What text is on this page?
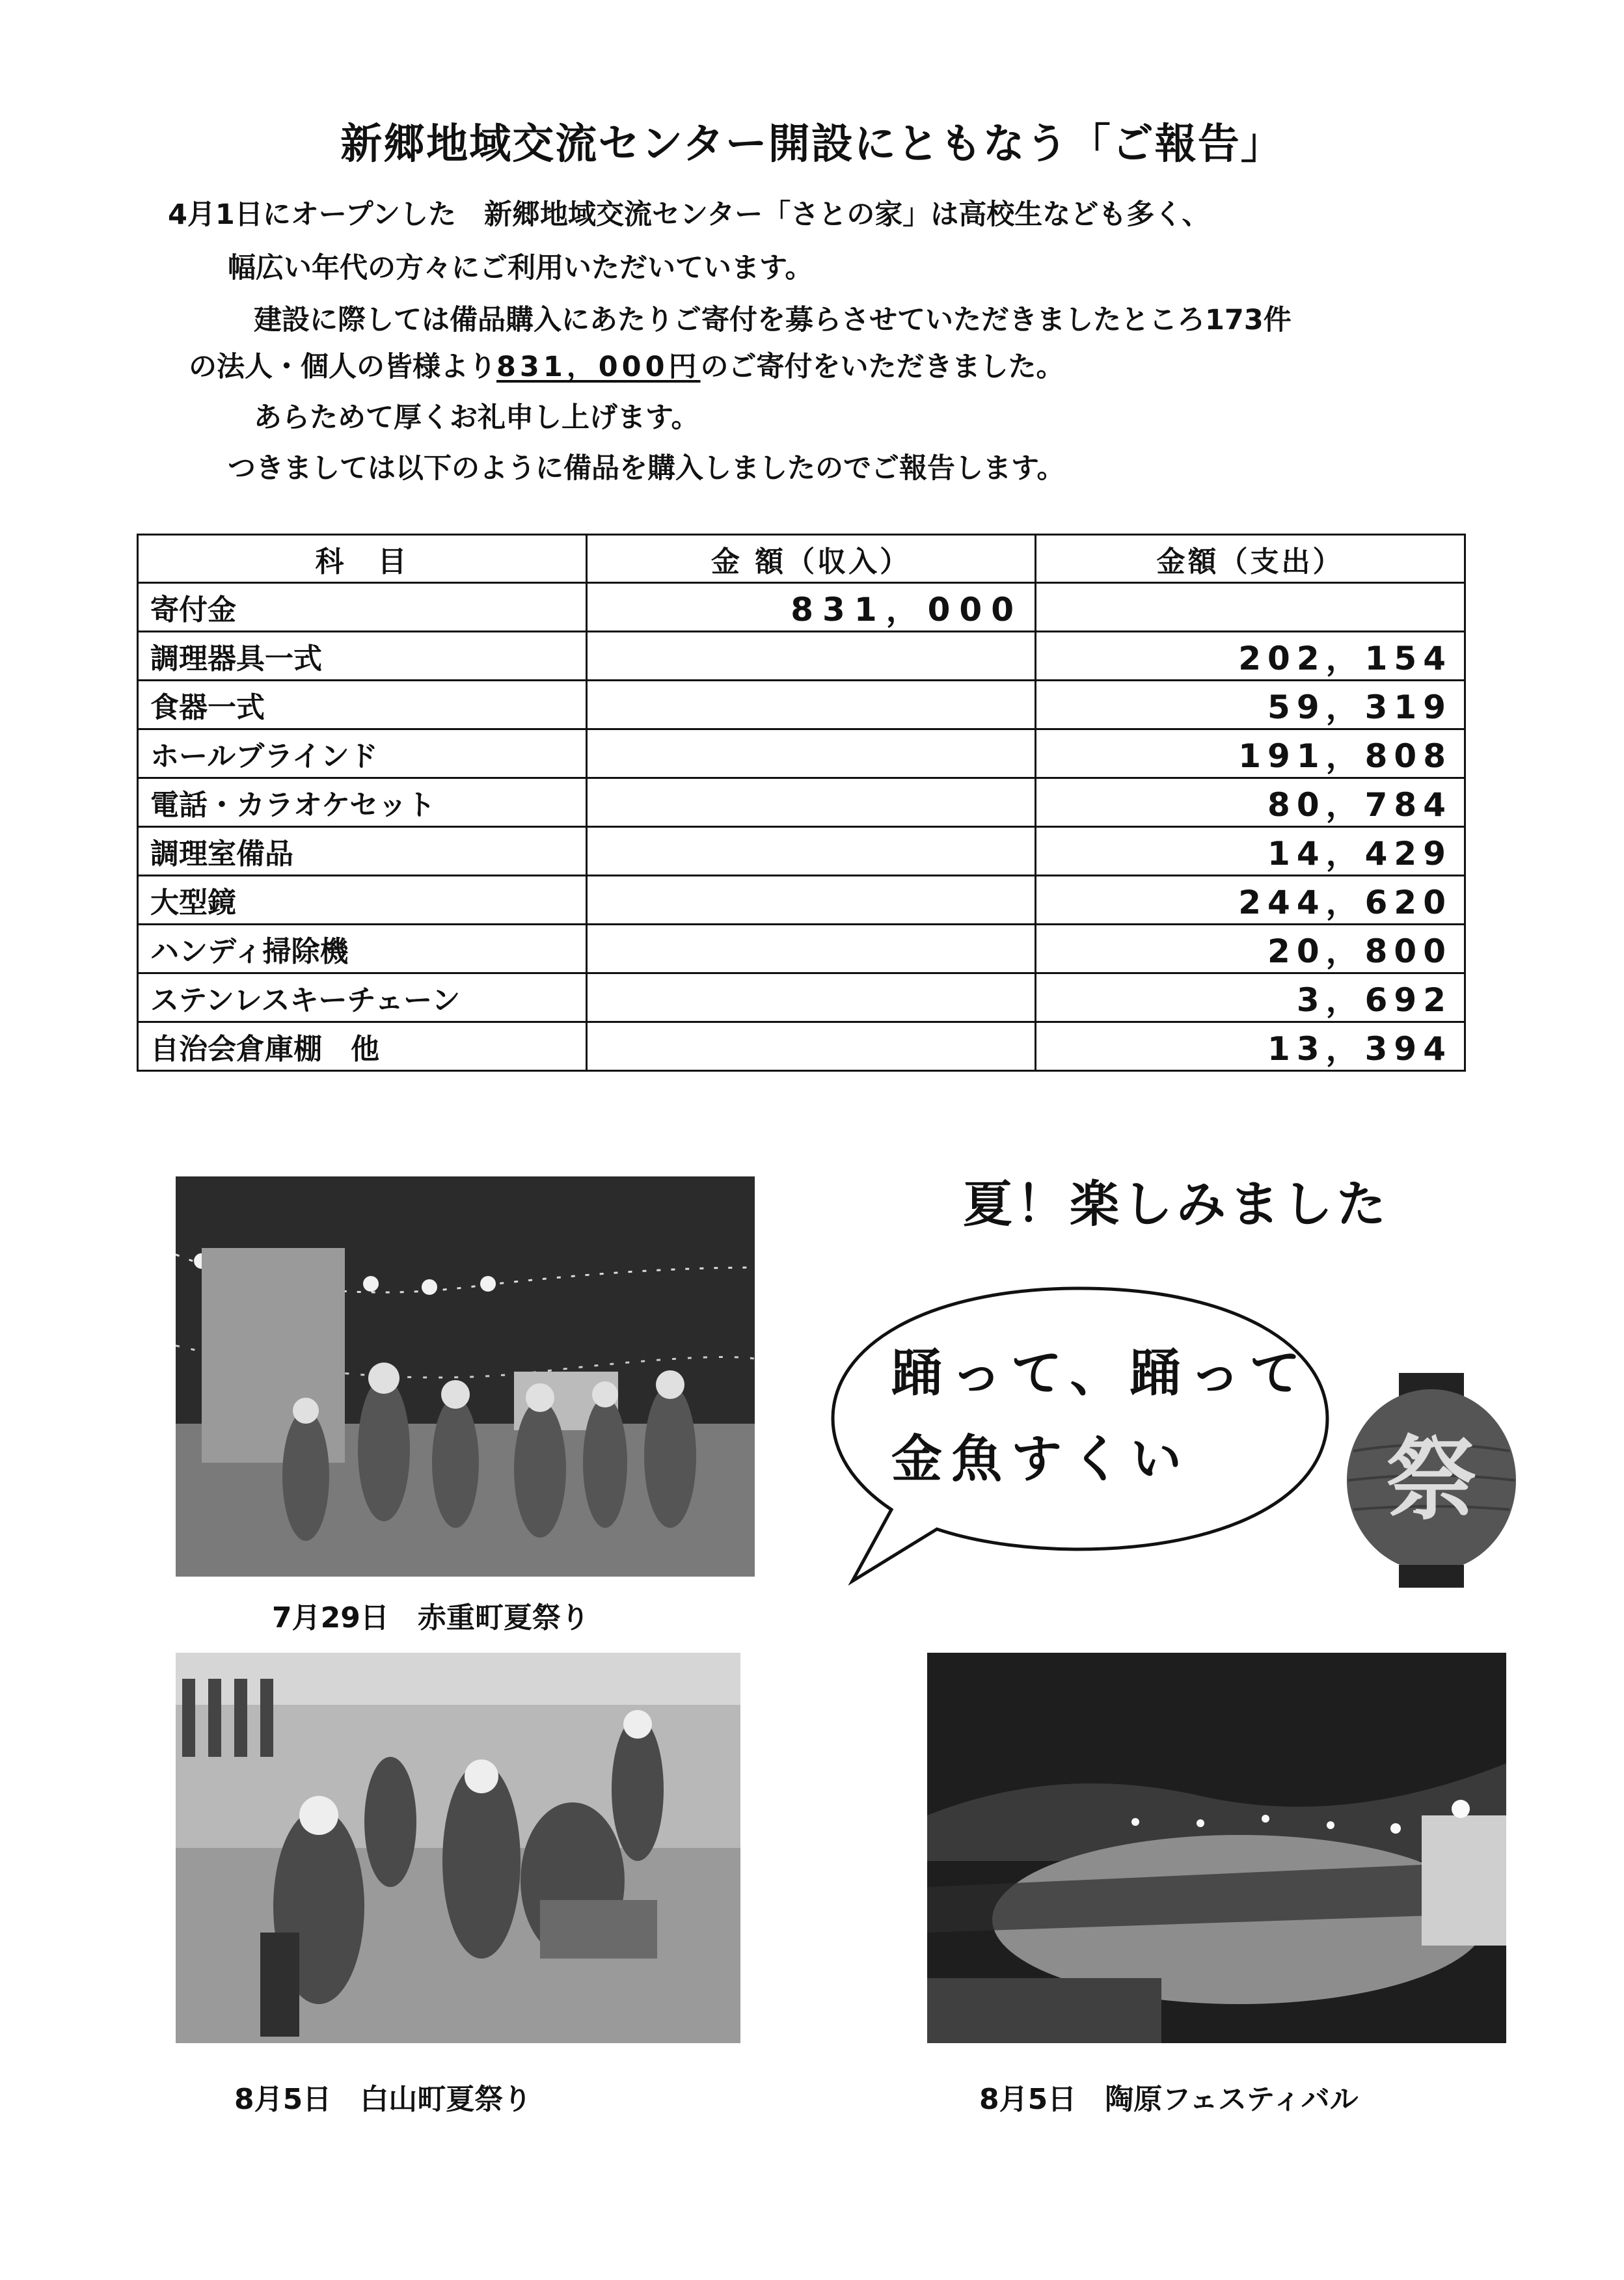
新郷地域交流センター開設にともなう「ご報告」
4月1日にオープンした　新郷地域交流センター「さとの家」は高校生なども多く、
幅広い年代の方々にご利用いただいています。
建設に際しては備品購入にあたりご寄付を募らさせていただきましたところ173件
の法人・個人の皆様より831，000円のご寄付をいただきました。
あらためて厚くお礼申し上げます。
つきましては以下のように備品を購入しましたのでご報告します。
科　目	金 額（収入）	金額（支出）
寄付金	831，000	
調理器具一式		202，154
食器一式		59，319
ホールブラインド		191，808
電話・カラオケセット		80，784
調理室備品		14，429
大型鏡		244，620
ハンディ掃除機		20，800
ステンレスキーチェーン		3，692
自治会倉庫棚　他		13，394
7月29日　赤重町夏祭り
夏！楽しみました
踊って、踊って
金魚すくい	祭
8月5日　白山町夏祭り	8月5日　陶原フェスティバル
